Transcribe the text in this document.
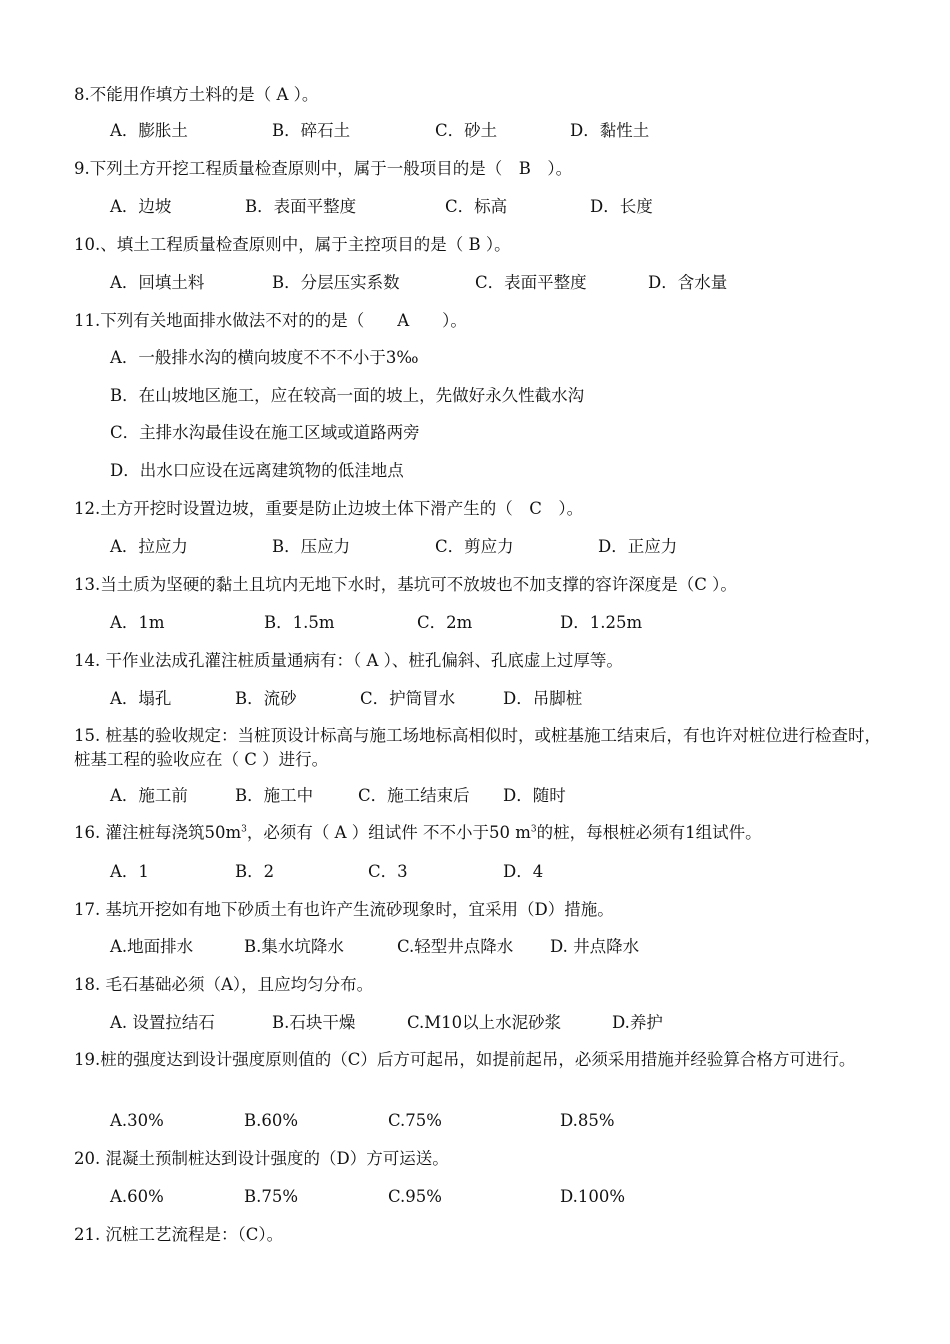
8.不能用作填方土料的是（ A ）。
A．膨胀土	B．碎石土	C．砂土	D．黏性土
9.下列土方开挖工程质量检查原则中，属于一般项目的是（　B　）。
A．边坡	B．表面平整度	C．标高	D．长度
10.、填土工程质量检查原则中，属于主控项目的是（ B ）。
A．回填土料	B．分层压实系数	C．表面平整度	D．含水量
11.下列有关地面排水做法不对的的是（　　A　　）。
A．一般排水沟的横向坡度不不不小于3‰
B．在山坡地区施工，应在较高一面的坡上，先做好永久性截水沟
C．主排水沟最佳设在施工区域或道路两旁
D．出水口应设在远离建筑物的低洼地点
12.土方开挖时设置边坡，重要是防止边坡土体下滑产生的（　C　）。
A．拉应力	B．压应力	C．剪应力	D．正应力
13.当土质为坚硬的黏土且坑内无地下水时，基坑可不放坡也不加支撑的容许深度是（C ）。
A．1m	B．1.5m	C．2m	D．1.25m
14. 干作业法成孔灌注桩质量通病有：（ A ）、桩孔偏斜、孔底虚上过厚等。
A．塌孔	B．流砂	C．护筒冒水	D．吊脚桩
15. 桩基的验收规定：当桩顶设计标高与施工场地标高相似时，或桩基施工结束后，有也许对桩位进行检查时，桩基工程的验收应在（ C ）进行。
A．施工前	B．施工中	C．施工结束后 D．随时
16. 灌注桩每浇筑$50m^3$，必须有（ A ）组试件 不不小于50 $m^3$的桩，每根桩必须有1组试件。
A．1	B．2	C．3	D．4
17. 基坑开挖如有地下砂质土有也许产生流砂现象时，宜采用（D）措施。
A.地面排水	B.集水坑降水	C.轻型井点降水 D. 井点降水
18. 毛石基础必须（A），且应均匀分布。
A. 设置拉结石	B.石块干燥	C.M10以上水泥砂浆	D.养护
19.桩的强度达到设计强度原则值的（C）后方可起吊，如提前起吊，必须采用措施并经验算合格方可进行。
A.30%	B.60%	C.75%	D.85%
20. 混凝土预制桩达到设计强度的（D）方可运送。
A.60%	B.75%	C.95%	D.100%
21. 沉桩工艺流程是：（C）。
